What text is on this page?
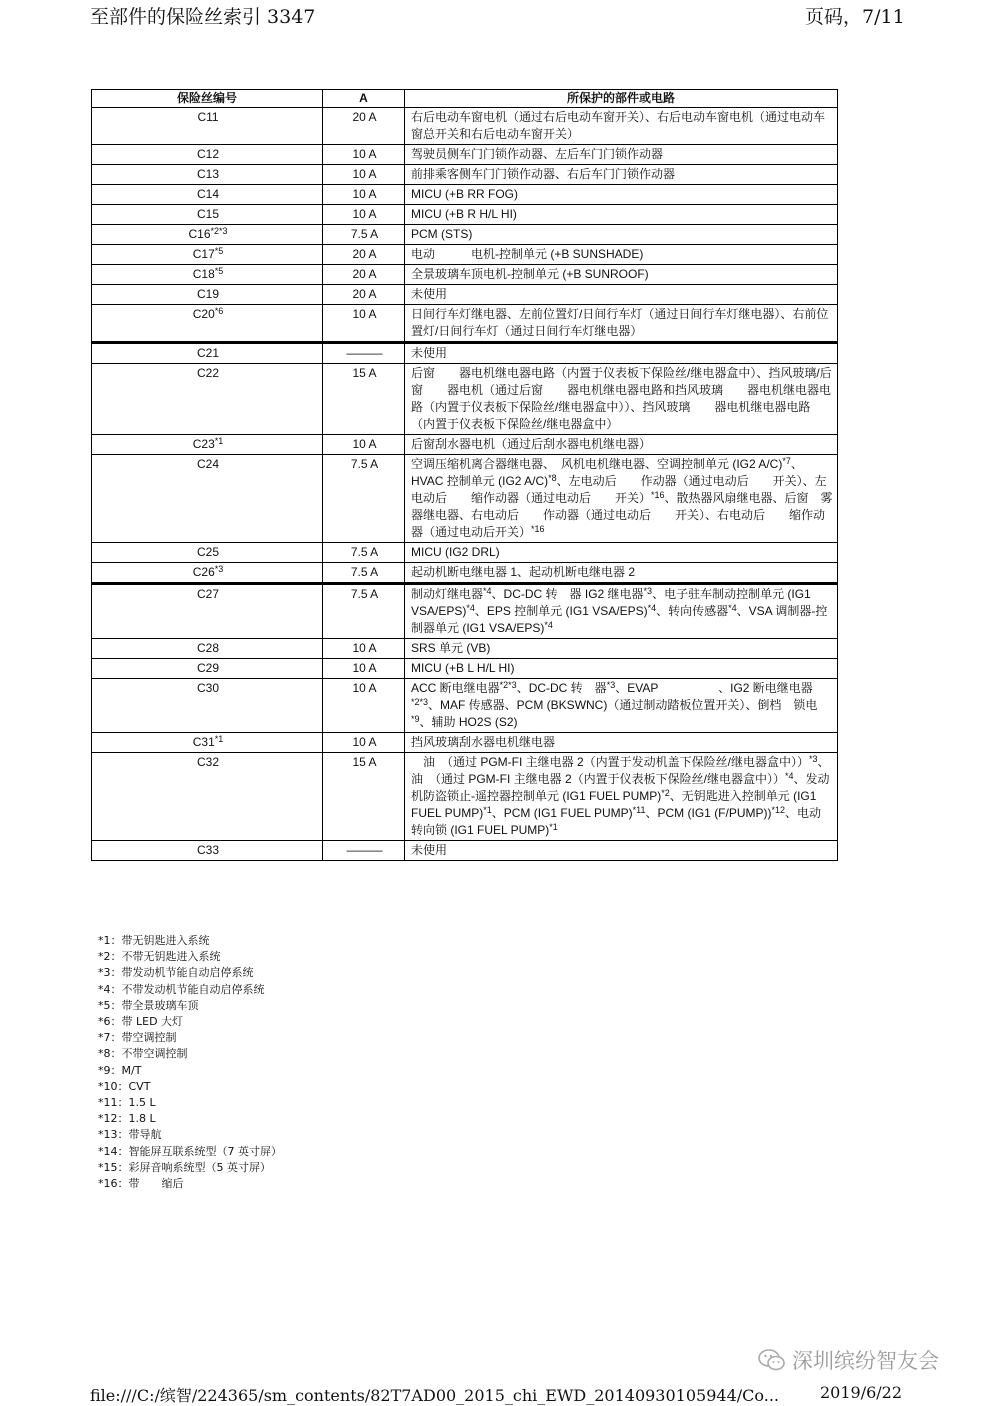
至部件的保险丝索引 3347	页码，7/11
保险丝编号	A	所保护的部件或电路
C11	20 A	右后电动车窗电机（通过右后电动车窗开关）、右后电动车窗电机（通过电动车窗总开关和右后电动车窗开关）
C12	10 A	驾驶员侧车门门锁作动器、左后车门门锁作动器
C13	10 A	前排乘客侧车门门锁作动器、右后车门门锁作动器
C14	10 A	MICU (+B RR FOG)
C15	10 A	MICU (+B R H/L HI)
$C16^{*2*3}$	7.5 A	PCM (STS)
C17$^{*5}$	20 A	电动　　　电机-控制单元 (+B SUNSHADE)
C18$^{*5}$	20 A	全景玻璃车顶电机-控制单元 (+B SUNROOF)
C19	20 A	未使用
C20$^{*6}$	10 A	日间行车灯继电器、左前位置灯/日间行车灯（通过日间行车灯继电器）、右前位置灯/日间行车灯（通过日间行车灯继电器）
C21	———	未使用
C22	15 A	后窗　　器电机继电器电路（内置于仪表板下保险丝/继电器盒中）、挡风玻璃/后窗　　器电机（通过后窗　　器电机继电器电路和挡风玻璃　　器电机继电器电路（内置于仪表板下保险丝/继电器盒中））、挡风玻璃　　器电机继电器电路（内置于仪表板下保险丝/继电器盒中）
C23$^{*1}$	10 A	后窗刮水器电机（通过后刮水器电机继电器）
C24	7.5 A	空调压缩机离合器继电器、　风机电机继电器、空调控制单元 (IG2 A/C)$^{*7}$、HVAC 控制单元 (IG2 A/C)$^{*8}$、左电动后　　作动器（通过电动后　　开关）、左电动后　　缩作动器（通过电动后　　开关）$^{*16}$、散热器风扇继电器、后窗　雾器继电器、右电动后　　作动器（通过电动后　　开关）、右电动后　　缩作动器（通过电动后开关）$^{*16}$
C25	7.5 A	MICU (IG2 DRL)
C26$^{*3}$	7.5 A	起动机断电继电器 1、起动机断电继电器 2
C27	7.5 A	制动灯继电器$^{*4}$、DC-DC 转　器 IG2 继电器$^{*3}$、电子驻车制动控制单元 (IG1 VSA/EPS)$^{*4}$、EPS 控制单元 (IG1 VSA/EPS)$^{*4}$、转向传感器$^{*4}$、VSA 调制器-控制器单元 (IG1 VSA/EPS)$^{*4}$
C28	10 A	SRS 单元 (VB)
C29	10 A	MICU (+B L H/L HI)
C30	10 A	ACC 断电继电器$^{*2*3}$、DC-DC 转　器$^{*3}$、EVAP　　　　　、IG2 断电继电器$^{*2*3}$、MAF 传感器、PCM (BKSWNC)（通过制动踏板位置开关）、倒档　锁电　　$^{*9}$、辅助 HO2S (S2)
C31$^{*1}$	10 A	挡风玻璃刮水器电机继电器
C32	15 A	　油　（通过 PGM-FI 主继电器 2（内置于发动机盖下保险丝/继电器盒中））$^{*3}$、　油　（通过 PGM-FI 主继电器 2（内置于仪表板下保险丝/继电器盒中））$^{*4}$、发动机防盗锁止-遥控器控制单元 (IG1 FUEL PUMP)$^{*2}$、无钥匙进入控制单元 (IG1 FUEL PUMP)$^{*1}$、PCM (IG1 FUEL PUMP)$^{*11}$、PCM (IG1 (F/PUMP))$^{*12}$、电动转向锁 (IG1 FUEL PUMP)$^{*1}$
C33	———	未使用
*1：带无钥匙进入系统
*2：不带无钥匙进入系统
*3：带发动机节能自动启停系统
*4：不带发动机节能自动启停系统
*5：带全景玻璃车顶
*6：带 LED 大灯
*7：带空调控制
*8：不带空调控制
*9：M/T
*10：CVT
*11：1.5 L
*12：1.8 L
*13：带导航
*14：智能屏互联系统型（7 英寸屏）
*15：彩屏音响系统型（5 英寸屏）
*16：带　　缩后
深圳缤纷智友会
file:///C:/缤智/224365/sm_contents/82T7AD00_2015_chi_EWD_20140930105944/Co...	2019/6/22
